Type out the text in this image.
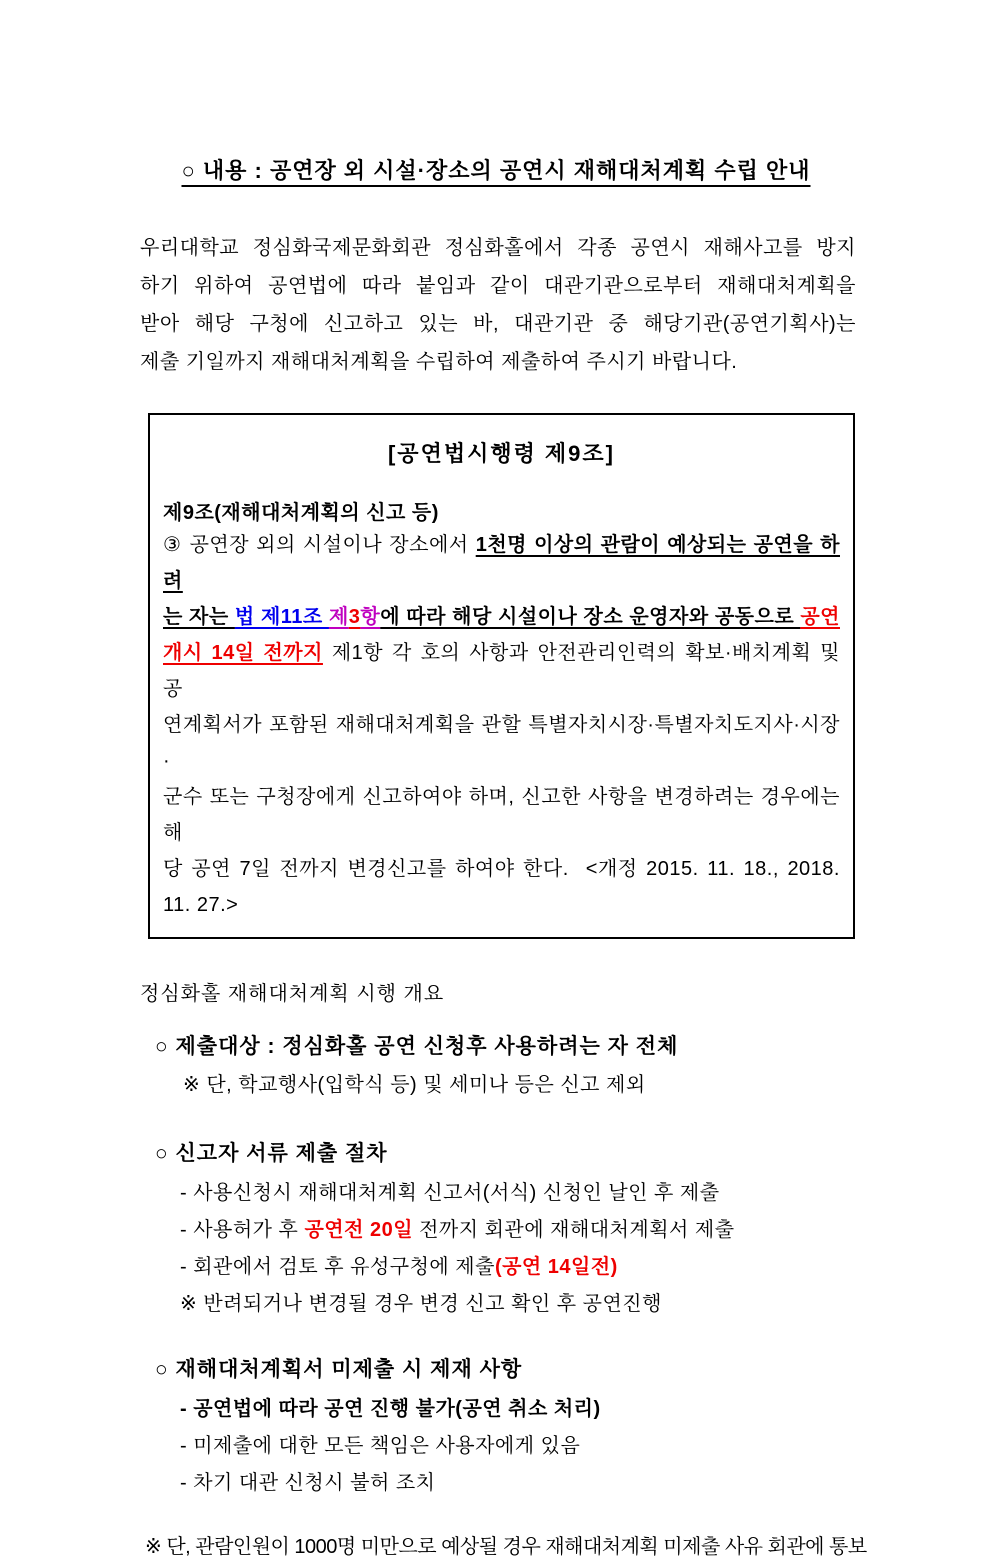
○ 내용 : 공연장 외 시설·장소의 공연시 재해대처계획 수립 안내
우리대학교 정심화국제문화회관 정심화홀에서 각종 공연시 재해사고를 방지
하기 위하여 공연법에 따라 붙임과 같이 대관기관으로부터 재해대처계획을
받아 해당 구청에 신고하고 있는 바, 대관기관 중 해당기관(공연기획사)는
제출 기일까지 재해대처계획을 수립하여 제출하여 주시기 바랍니다.
[공연법시행령 제9조]
제9조(재해대처계획의 신고 등)
③ 공연장 외의 시설이나 장소에서 1천명 이상의 관람이 예상되는 공연을 하려
는 자는 법 제11조 제3항에 따라 해당 시설이나 장소 운영자와 공동으로 공연
개시 14일 전까지 제1항 각 호의 사항과 안전관리인력의 확보·배치계획 및 공
연계획서가 포함된 재해대처계획을 관할 특별자치시장·특별자치도지사·시장·
군수 또는 구청장에게 신고하여야 하며, 신고한 사항을 변경하려는 경우에는 해
당 공연 7일 전까지 변경신고를 하여야 한다.  <개정 2015. 11. 18., 2018. 11. 27.>
정심화홀 재해대처계획 시행 개요
○ 제출대상 : 정심화홀 공연 신청후 사용하려는 자 전체
※ 단, 학교행사(입학식 등) 및 세미나 등은 신고 제외
○ 신고자 서류 제출 절차
- 사용신청시 재해대처계획 신고서(서식) 신청인 날인 후 제출
- 사용허가 후 공연전 20일 전까지 회관에 재해대처계획서 제출
- 회관에서 검토 후 유성구청에 제출(공연 14일전)
※ 반려되거나 변경될 경우 변경 신고 확인 후 공연진행
○ 재해대처계획서 미제출 시 제재 사항
- 공연법에 따라 공연 진행 불가(공연 취소 처리)
- 미제출에 대한 모든 책임은 사용자에게 있음
- 차기 대관 신청시 불허 조치
※ 단, 관람인원이 1000명 미만으로 예상될 경우 재해대처계획 미제출 사유 회관에 통보
